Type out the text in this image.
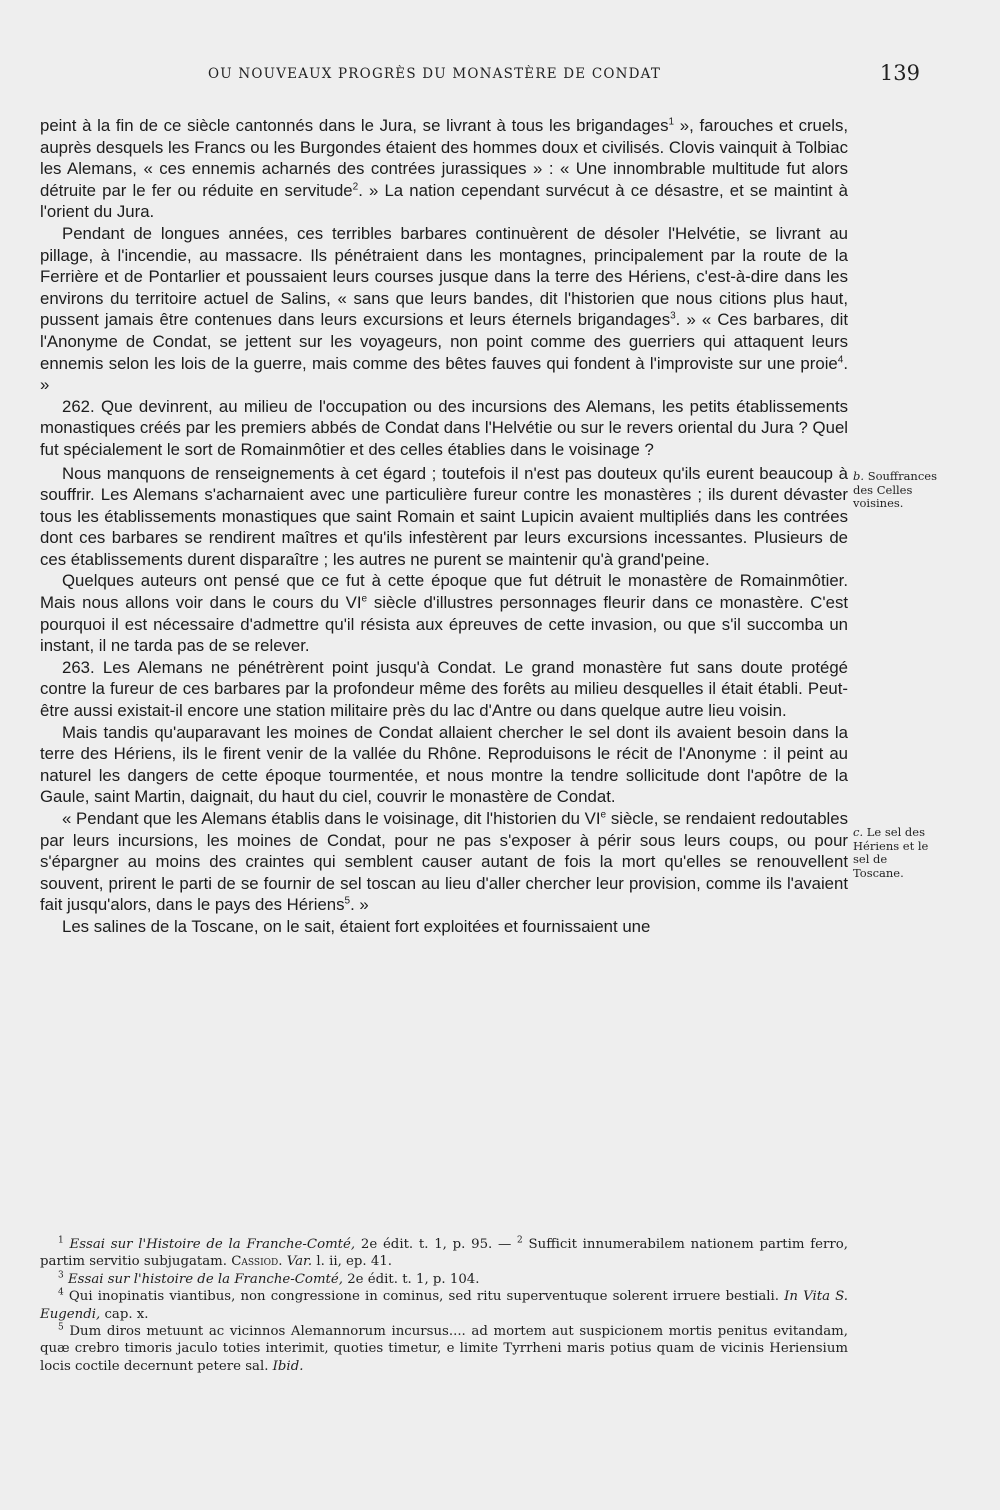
OU NOUVEAUX PROGRÈS DU MONASTÈRE DE CONDAT	139

peint à la fin de ce siècle cantonnés dans le Jura, se livrant à tous les brigandages$^1$ », farouches et cruels, auprès desquels les Francs ou les Burgondes étaient des hommes doux et civilisés. Clovis vainquit à Tolbiac les Alemans, « ces ennemis acharnés des contrées jurassiques » : « Une innombrable multitude fut alors détruite par le fer ou réduite en servitude$^2$. » La nation cependant survécut à ce désastre, et se maintint à l'orient du Jura.

Pendant de longues années, ces terribles barbares continuèrent de désoler l'Helvétie, se livrant au pillage, à l'incendie, au massacre. Ils pénétraient dans les montagnes, principalement par la route de la Ferrière et de Pontarlier et poussaient leurs courses jusque dans la terre des Hériens, c'est-à-dire dans les environs du territoire actuel de Salins, « sans que leurs bandes, dit l'historien que nous citions plus haut, pussent jamais être contenues dans leurs excursions et leurs éternels brigandages$^3$. » « Ces barbares, dit l'Anonyme de Condat, se jettent sur les voyageurs, non point comme des guerriers qui attaquent leurs ennemis selon les lois de la guerre, mais comme des bêtes fauves qui fondent à l'improviste sur une proie$^4$. »

262. Que devinrent, au milieu de l'occupation ou des incursions des Alemans, les petits établissements monastiques créés par les premiers abbés de Condat dans l'Helvétie ou sur le revers oriental du Jura ? Quel fut spécialement le sort de Romainmôtier et des celles établies dans le voisinage ?

Nous manquons de renseignements à cet égard ; toutefois il n'est pas douteux qu'ils eurent beaucoup à souffrir. Les Alemans s'acharnaient avec une particulière fureur contre les monastères ; ils durent dévaster tous les établissements monastiques que saint Romain et saint Lupicin avaient multipliés dans les contrées dont ces barbares se rendirent maîtres et qu'ils infestèrent par leurs excursions incessantes. Plusieurs de ces établissements durent disparaître ; les autres ne purent se maintenir qu'à grand'peine.

Quelques auteurs ont pensé que ce fut à cette époque que fut détruit le monastère de Romainmôtier. Mais nous allons voir dans le cours du VIe siècle d'illustres personnages fleurir dans ce monastère. C'est pourquoi il est nécessaire d'admettre qu'il résista aux épreuves de cette invasion, ou que s'il succomba un instant, il ne tarda pas de se relever.

263. Les Alemans ne pénétrèrent point jusqu'à Condat. Le grand monastère fut sans doute protégé contre la fureur de ces barbares par la profondeur même des forêts au milieu desquelles il était établi. Peut-être aussi existait-il encore une station militaire près du lac d'Antre ou dans quelque autre lieu voisin.

Mais tandis qu'auparavant les moines de Condat allaient chercher le sel dont ils avaient besoin dans la terre des Hériens, ils le firent venir de la vallée du Rhône. Reproduisons le récit de l'Anonyme : il peint au naturel les dangers de cette époque tourmentée, et nous montre la tendre sollicitude dont l'apôtre de la Gaule, saint Martin, daignait, du haut du ciel, couvrir le monastère de Condat.

« Pendant que les Alemans établis dans le voisinage, dit l'historien du VIe siècle, se rendaient redoutables par leurs incursions, les moines de Condat, pour ne pas s'exposer à périr sous leurs coups, ou pour s'épargner au moins des craintes qui semblent causer autant de fois la mort qu'elles se renouvellent souvent, prirent le parti de se fournir de sel toscan au lieu d'aller chercher leur provision, comme ils l'avaient fait jusqu'alors, dans le pays des Hériens$^5$. »

Les salines de la Toscane, on le sait, étaient fort exploitées et fournissaient une

b. Souffrances des Celles voisines.
c. Le sel des Hériens et le sel de Toscane.

$^1$ Essai sur l'Histoire de la Franche-Comté, 2e édit. t. 1, p. 95. — $^2$ Sufficit innumerabilem nationem partim ferro, partim servitio subjugatam. Cassiod. Var. l. ii, ep. 41.

$^3$ Essai sur l'histoire de la Franche-Comté, 2e édit. t. 1, p. 104.

$^4$ Qui inopinatis viantibus, non congressione in cominus, sed ritu superventuque solerent irruere bestiali. In Vita S. Eugendi, cap. x.

$^5$ Dum diros metuunt ac vicinnos Alemannorum incursus.... ad mortem aut suspicionem mortis penitus evitandam, quæ crebro timoris jaculo toties interimit, quoties timetur, e limite Tyrrheni maris potius quam de vicinis Heriensium locis coctile decernunt petere sal. Ibid.
